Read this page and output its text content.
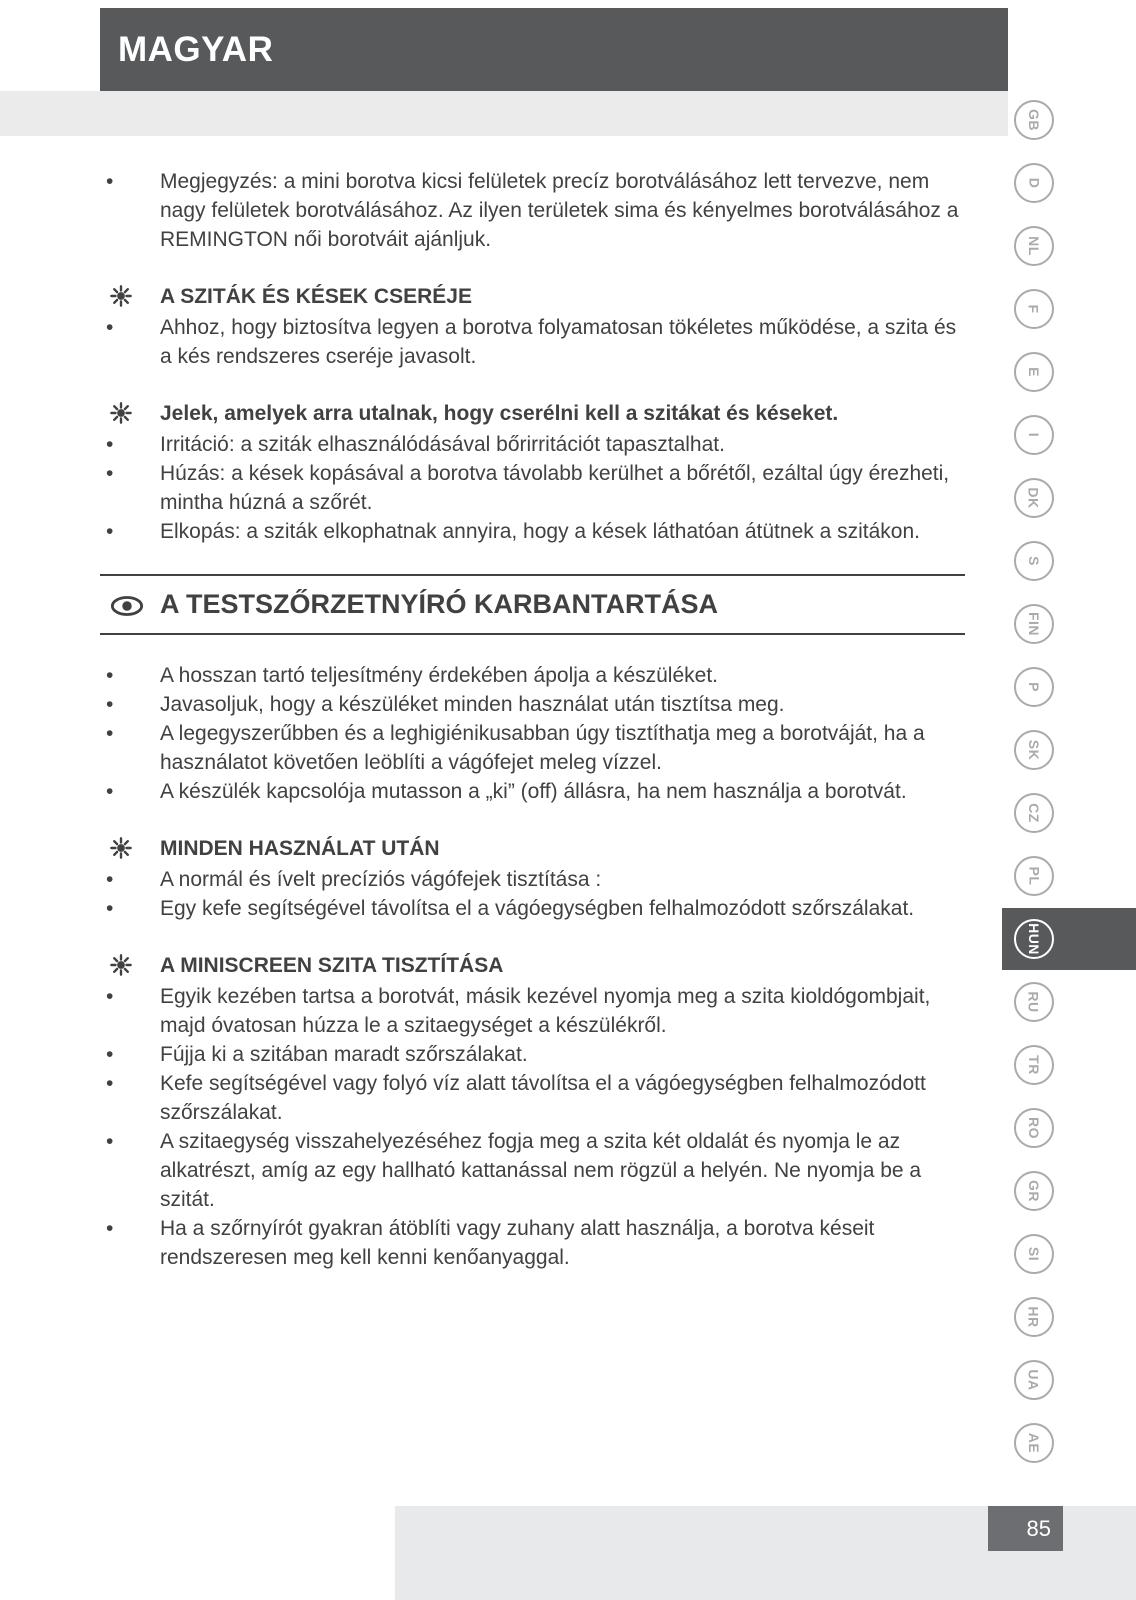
MAGYAR
GB
D
NL
F
E
I
DK
S
FIN
P
SK
CZ
PL
HUN
RU
TR
RO
GR
SI
HR
UA
AE
•	Megjegyzés: a mini borotva kicsi felületek precíz borotválásához lett tervezve, nem nagy felületek borotválásához. Az ilyen területek sima és kényelmes borotválásához a REMINGTON női borotváit ajánljuk.
A SZITÁK ÉS KÉSEK CSERÉJE
•	Ahhoz, hogy biztosítva legyen a borotva folyamatosan tökéletes működése, a szita és a kés rendszeres cseréje javasolt.
Jelek, amelyek arra utalnak, hogy cserélni kell a szitákat és késeket.
•	Irritáció: a sziták elhasználódásával bőrirritációt tapasztalhat.
•	Húzás: a kések kopásával a borotva távolabb kerülhet a bőrétől, ezáltal úgy érezheti, mintha húzná a szőrét.
•	Elkopás: a sziták elkophatnak annyira, hogy a kések láthatóan átütnek a szitákon.
A TESTSZŐRZETNYÍRÓ KARBANTARTÁSA
•	A hosszan tartó teljesítmény érdekében ápolja a készüléket.
•	Javasoljuk, hogy a készüléket minden használat után tisztítsa meg.
•	A legegyszerűbben és a leghigiénikusabban úgy tisztíthatja meg a borotváját, ha a használatot követően leöblíti a vágófejet meleg vízzel.
•	A készülék kapcsolója mutasson a „ki” (off) állásra, ha nem használja a borotvát.
MINDEN HASZNÁLAT UTÁN
•	A normál és ívelt precíziós vágófejek tisztítása :
•	Egy kefe segítségével távolítsa el a vágóegységben felhalmozódott szőrszálakat.
A MINISCREEN SZITA TISZTÍTÁSA
•	Egyik kezében tartsa a borotvát, másik kezével nyomja meg a szita kioldógombjait, majd óvatosan húzza le a szitaegységet a készülékről.
•	Fújja ki a szitában maradt szőrszálakat.
•	Kefe segítségével vagy folyó víz alatt távolítsa el a vágóegységben felhalmozódott szőrszálakat.
•	A szitaegység visszahelyezéséhez fogja meg a szita két oldalát és nyomja le az alkatrészt, amíg az egy hallható kattanással nem rögzül a helyén. Ne nyomja be a szitát.
•	Ha a szőrnyírót gyakran átöblíti vagy zuhany alatt használja, a borotva késeit rendszeresen meg kell kenni kenőanyaggal.
85
